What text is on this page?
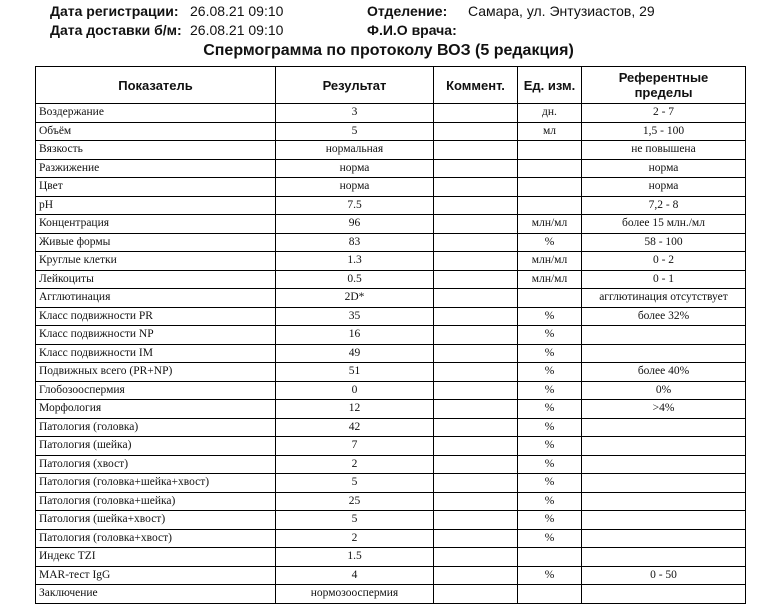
Дата регистрации: 26.08.21 09:10
Дата доставки б/м: 26.08.21 09:10
Отделение: Самара, ул. Энтузиастов, 29
Ф.И.О врача:
Спермограмма по протоколу ВОЗ (5 редакция)
Показатель	Результат	Коммент.	Ед. изм.	Референтные
пределы

Воздержание	3		дн.	2 - 7
Объём	5		мл	1,5 - 100
Вязкость	нормальная			не повышена
Разжижение	норма			норма
Цвет	норма			норма
pH	7.5			7,2 - 8
Концентрация	96		млн/мл	более 15 млн./мл
Живые формы	83		%	58 - 100
Круглые клетки	1.3		млн/мл	0 - 2
Лейкоциты	0.5		млн/мл	0 - 1
Агглютинация	2D*			агглютинация отсутствует
Класс подвижности PR	35		%	более 32%
Класс подвижности NP	16		%	
Класс подвижности IM	49		%	
Подвижных всего (PR+NP)	51		%	более 40%
Глобозооспермия	0		%	0%
Морфология	12		%	>4%
Патология (головка)	42		%	
Патология (шейка)	7		%	
Патология (хвост)	2		%	
Патология (головка+шейка+хвост)	5		%	
Патология (головка+шейка)	25		%	
Патология (шейка+хвост)	5		%	
Патология (головка+хвост)	2		%	
Индекс TZI	1.5			
MAR-тест IgG	4		%	0 - 50
Заключение	нормозооспермия			
